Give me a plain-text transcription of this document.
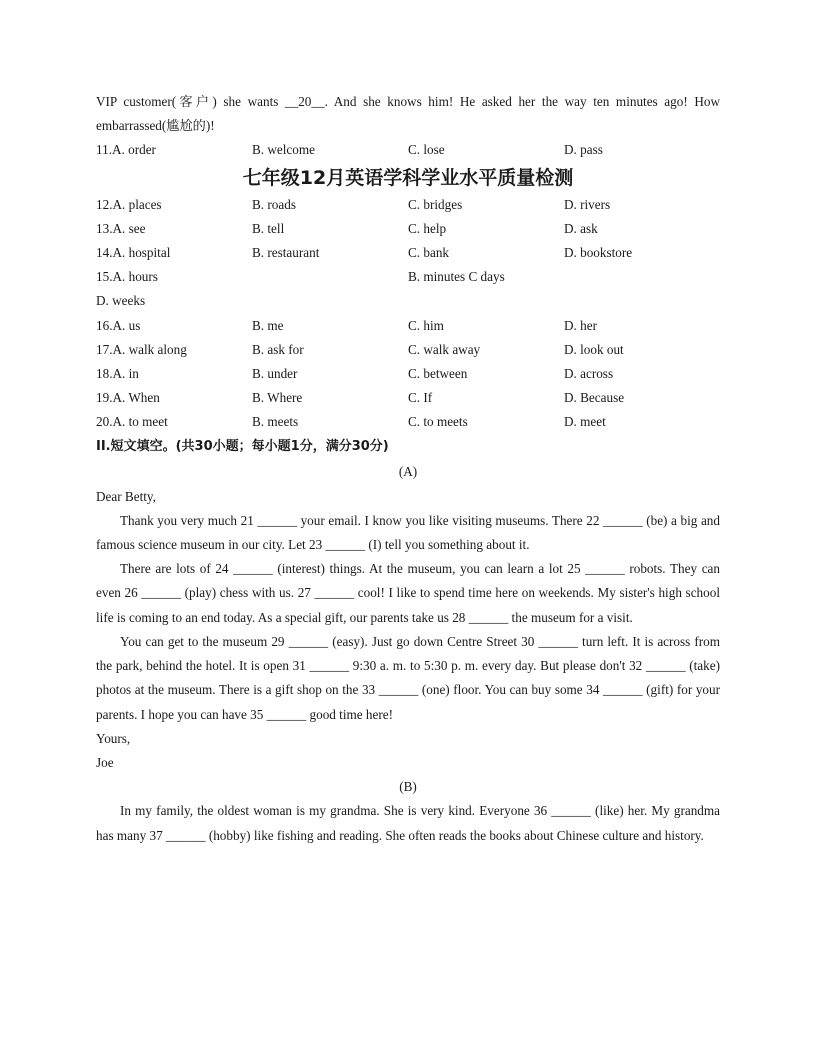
VIP customer(客户) she wants __20__. And she knows him! He asked her the way ten minutes ago! How
embarrassed(尴尬的)!
11.A. order	B. welcome	C. lose	D. pass
七年级12月英语学科学业水平质量检测
12.A. places	B. roads	C. bridges	D. rivers
13.A. see	B. tell	C. help	D. ask
14.A. hospital	B. restaurant	C. bank	D. bookstore
15.A. hours	B. minutes C days
D. weeks
16.A. us	B. me	C. him	D. her
17.A. walk along	B. ask for	C. walk away	D. look out
18.A. in	B. under	C. between	D. across
19.A. When	B. Where	C. If	D. Because
20.A. to meet	B. meets	C. to meets	D. meet
II.短文填空。(共30小题；每小题1分，满分30分)
(A)
Dear Betty,
Thank you very much 21 ______ your email. I know you like visiting museums. There 22 ______ (be) a big and famous science museum in our city. Let 23 ______ (I) tell you something about it.
There are lots of 24 ______ (interest) things. At the museum, you can learn a lot 25 ______ robots. They can even 26 ______ (play) chess with us. 27 ______ cool! I like to spend time here on weekends. My sister's high school life is coming to an end today. As a special gift, our parents take us 28 ______ the museum for a visit.
You can get to the museum 29 ______ (easy). Just go down Centre Street 30 ______ turn left. It is across from the park, behind the hotel. It is open 31 ______ 9:30 a. m. to 5:30 p. m. every day. But please don't 32 ______ (take) photos at the museum. There is a gift shop on the 33 ______ (one) floor. You can buy some 34 ______ (gift) for your parents. I hope you can have 35 ______ good time here!
Yours,
Joe
(B)
In my family, the oldest woman is my grandma. She is very kind. Everyone 36 ______ (like) her. My grandma has many 37 ______ (hobby) like fishing and reading. She often reads the books about Chinese culture and history.
